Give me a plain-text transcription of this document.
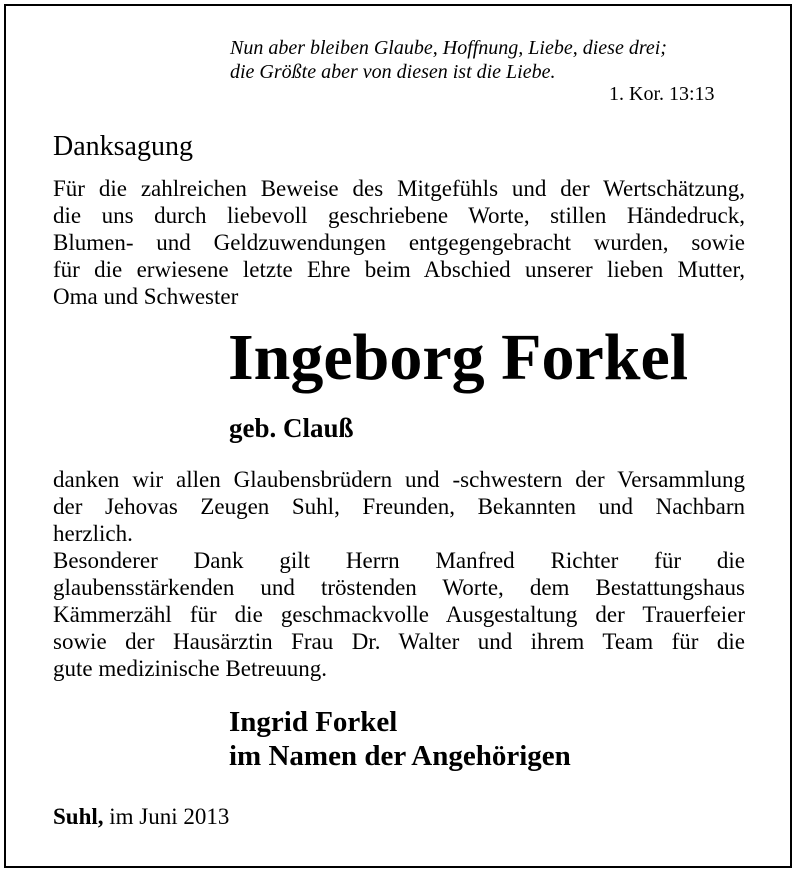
Nun aber bleiben Glaube, Hoffnung, Liebe, diese drei;
die Größte aber von diesen ist die Liebe.
1. Kor. 13:13
Danksagung
Für die zahlreichen Beweise des Mitgefühls und der Wertschätzung,
die uns durch liebevoll geschriebene Worte, stillen Händedruck,
Blumen- und Geldzuwendungen entgegengebracht wurden, sowie
für die erwiesene letzte Ehre beim Abschied unserer lieben Mutter,
Oma und Schwester
Ingeborg Forkel
geb. Clauß
danken wir allen Glaubensbrüdern und -schwestern der Versammlung
der Jehovas Zeugen Suhl, Freunden, Bekannten und Nachbarn
herzlich.
Besonderer Dank gilt Herrn Manfred Richter für die
glaubensstärkenden und tröstenden Worte, dem Bestattungshaus
Kämmerzähl für die geschmackvolle Ausgestaltung der Trauerfeier
sowie der Hausärztin Frau Dr. Walter und ihrem Team für die
gute medizinische Betreuung.
Ingrid Forkel
im Namen der Angehörigen
Suhl, im Juni 2013
